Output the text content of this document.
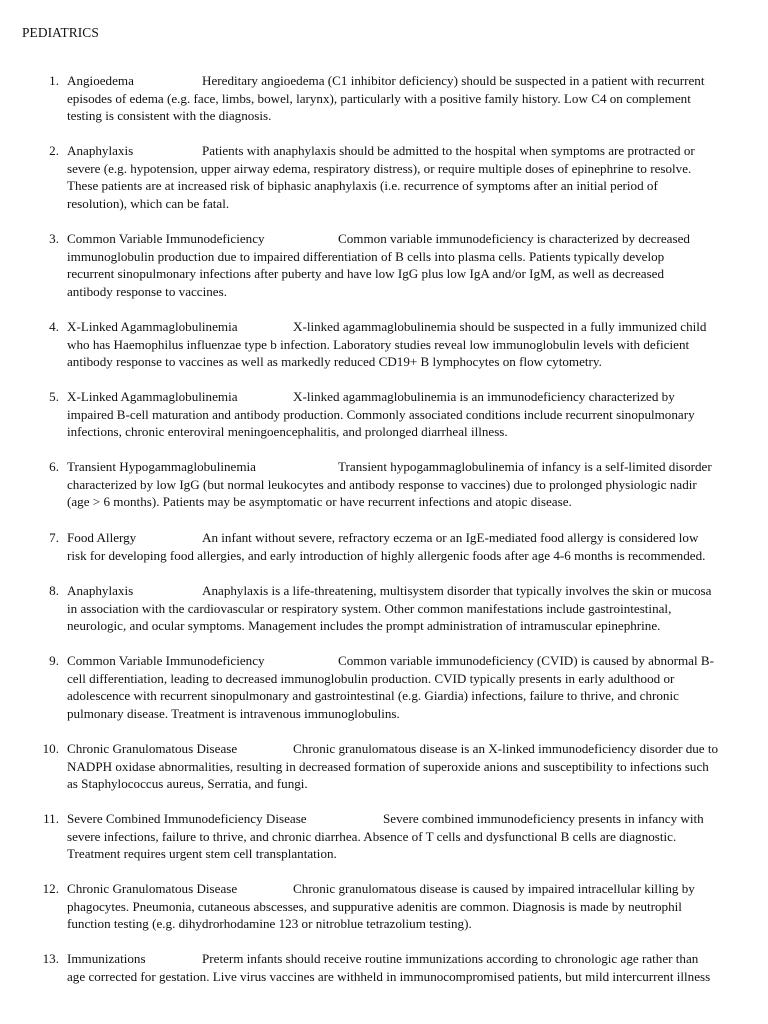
PEDIATRICS
1. Angioedema	Hereditary angioedema (C1 inhibitor deficiency) should be suspected in a patient with recurrent
episodes of edema (e.g. face, limbs, bowel, larynx), particularly with a positive family history. Low C4 on complement
testing is consistent with the diagnosis.
2. Anaphylaxis	Patients with anaphylaxis should be admitted to the hospital when symptoms are protracted or
severe (e.g. hypotension, upper airway edema, respiratory distress), or require multiple doses of epinephrine to resolve.
These patients are at increased risk of biphasic anaphylaxis (i.e. recurrence of symptoms after an initial period of
resolution), which can be fatal.
3. Common Variable Immunodeficiency	Common variable immunodeficiency is characterized by decreased
immunoglobulin production due to impaired differentiation of B cells into plasma cells. Patients typically develop
recurrent sinopulmonary infections after puberty and have low IgG plus low IgA and/or IgM, as well as decreased
antibody response to vaccines.
4. X-Linked Agammaglobulinemia	X-linked agammaglobulinemia should be suspected in a fully immunized child
who has Haemophilus influenzae type b infection. Laboratory studies reveal low immunoglobulin levels with deficient
antibody response to vaccines as well as markedly reduced CD19+ B lymphocytes on flow cytometry.
5. X-Linked Agammaglobulinemia	X-linked agammaglobulinemia is an immunodeficiency characterized by
impaired B-cell maturation and antibody production. Commonly associated conditions include recurrent sinopulmonary
infections, chronic enteroviral meningoencephalitis, and prolonged diarrheal illness.
6. Transient Hypogammaglobulinemia	Transient hypogammaglobulinemia of infancy is a self-limited disorder
characterized by low IgG (but normal leukocytes and antibody response to vaccines) due to prolonged physiologic nadir
(age > 6 months). Patients may be asymptomatic or have recurrent infections and atopic disease.
7. Food Allergy	An infant without severe, refractory eczema or an IgE-mediated food allergy is considered low
risk for developing food allergies, and early introduction of highly allergenic foods after age 4-6 months is recommended.
8. Anaphylaxis	Anaphylaxis is a life-threatening, multisystem disorder that typically involves the skin or mucosa
in association with the cardiovascular or respiratory system. Other common manifestations include gastrointestinal,
neurologic, and ocular symptoms. Management includes the prompt administration of intramuscular epinephrine.
9. Common Variable Immunodeficiency	Common variable immunodeficiency (CVID) is caused by abnormal B-
cell differentiation, leading to decreased immunoglobulin production. CVID typically presents in early adulthood or
adolescence with recurrent sinopulmonary and gastrointestinal (e.g. Giardia) infections, failure to thrive, and chronic
pulmonary disease. Treatment is intravenous immunoglobulins.
10. Chronic Granulomatous Disease	Chronic granulomatous disease is an X-linked immunodeficiency disorder due to
NADPH oxidase abnormalities, resulting in decreased formation of superoxide anions and susceptibility to infections such
as Staphylococcus aureus, Serratia, and fungi.
11. Severe Combined Immunodeficiency Disease	Severe combined immunodeficiency presents in infancy with
severe infections, failure to thrive, and chronic diarrhea. Absence of T cells and dysfunctional B cells are diagnostic.
Treatment requires urgent stem cell transplantation.
12. Chronic Granulomatous Disease	Chronic granulomatous disease is caused by impaired intracellular killing by
phagocytes. Pneumonia, cutaneous abscesses, and suppurative adenitis are common. Diagnosis is made by neutrophil
function testing (e.g. dihydrorhodamine 123 or nitroblue tetrazolium testing).
13. Immunizations	Preterm infants should receive routine immunizations according to chronologic age rather than
age corrected for gestation. Live virus vaccines are withheld in immunocompromised patients, but mild intercurrent illness
